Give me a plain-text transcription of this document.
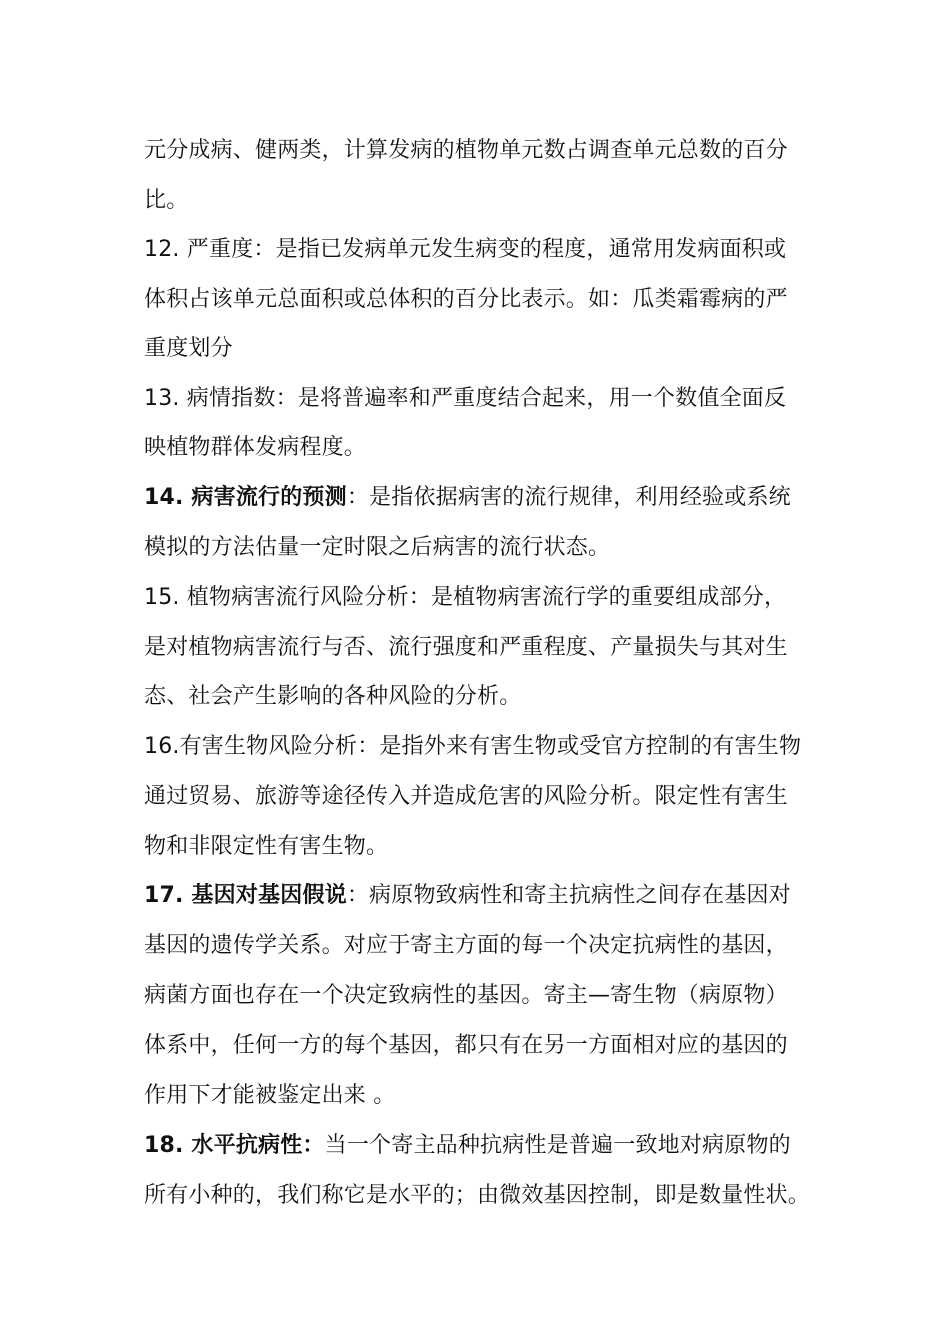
元分成病、健两类，计算发病的植物单元数占调查单元总数的百分
比。
12. 严重度：是指已发病单元发生病变的程度，通常用发病面积或
体积占该单元总面积或总体积的百分比表示。如：瓜类霜霉病的严
重度划分
13. 病情指数：是将普遍率和严重度结合起来，用一个数值全面反
映植物群体发病程度。
14. 病害流行的预测：是指依据病害的流行规律，利用经验或系统
模拟的方法估量一定时限之后病害的流行状态。
15. 植物病害流行风险分析：是植物病害流行学的重要组成部分，
是对植物病害流行与否、流行强度和严重程度、产量损失与其对生
态、社会产生影响的各种风险的分析。
16.有害生物风险分析：是指外来有害生物或受官方控制的有害生物
通过贸易、旅游等途径传入并造成危害的风险分析。限定性有害生
物和非限定性有害生物。
17. 基因对基因假说：病原物致病性和寄主抗病性之间存在基因对
基因的遗传学关系。对应于寄主方面的每一个决定抗病性的基因，
病菌方面也存在一个决定致病性的基因。寄主—寄生物（病原物）
体系中，任何一方的每个基因，都只有在另一方面相对应的基因的
作用下才能被鉴定出来 。
18. 水平抗病性：当一个寄主品种抗病性是普遍一致地对病原物的
所有小种的，我们称它是水平的；由微效基因控制，即是数量性状。
